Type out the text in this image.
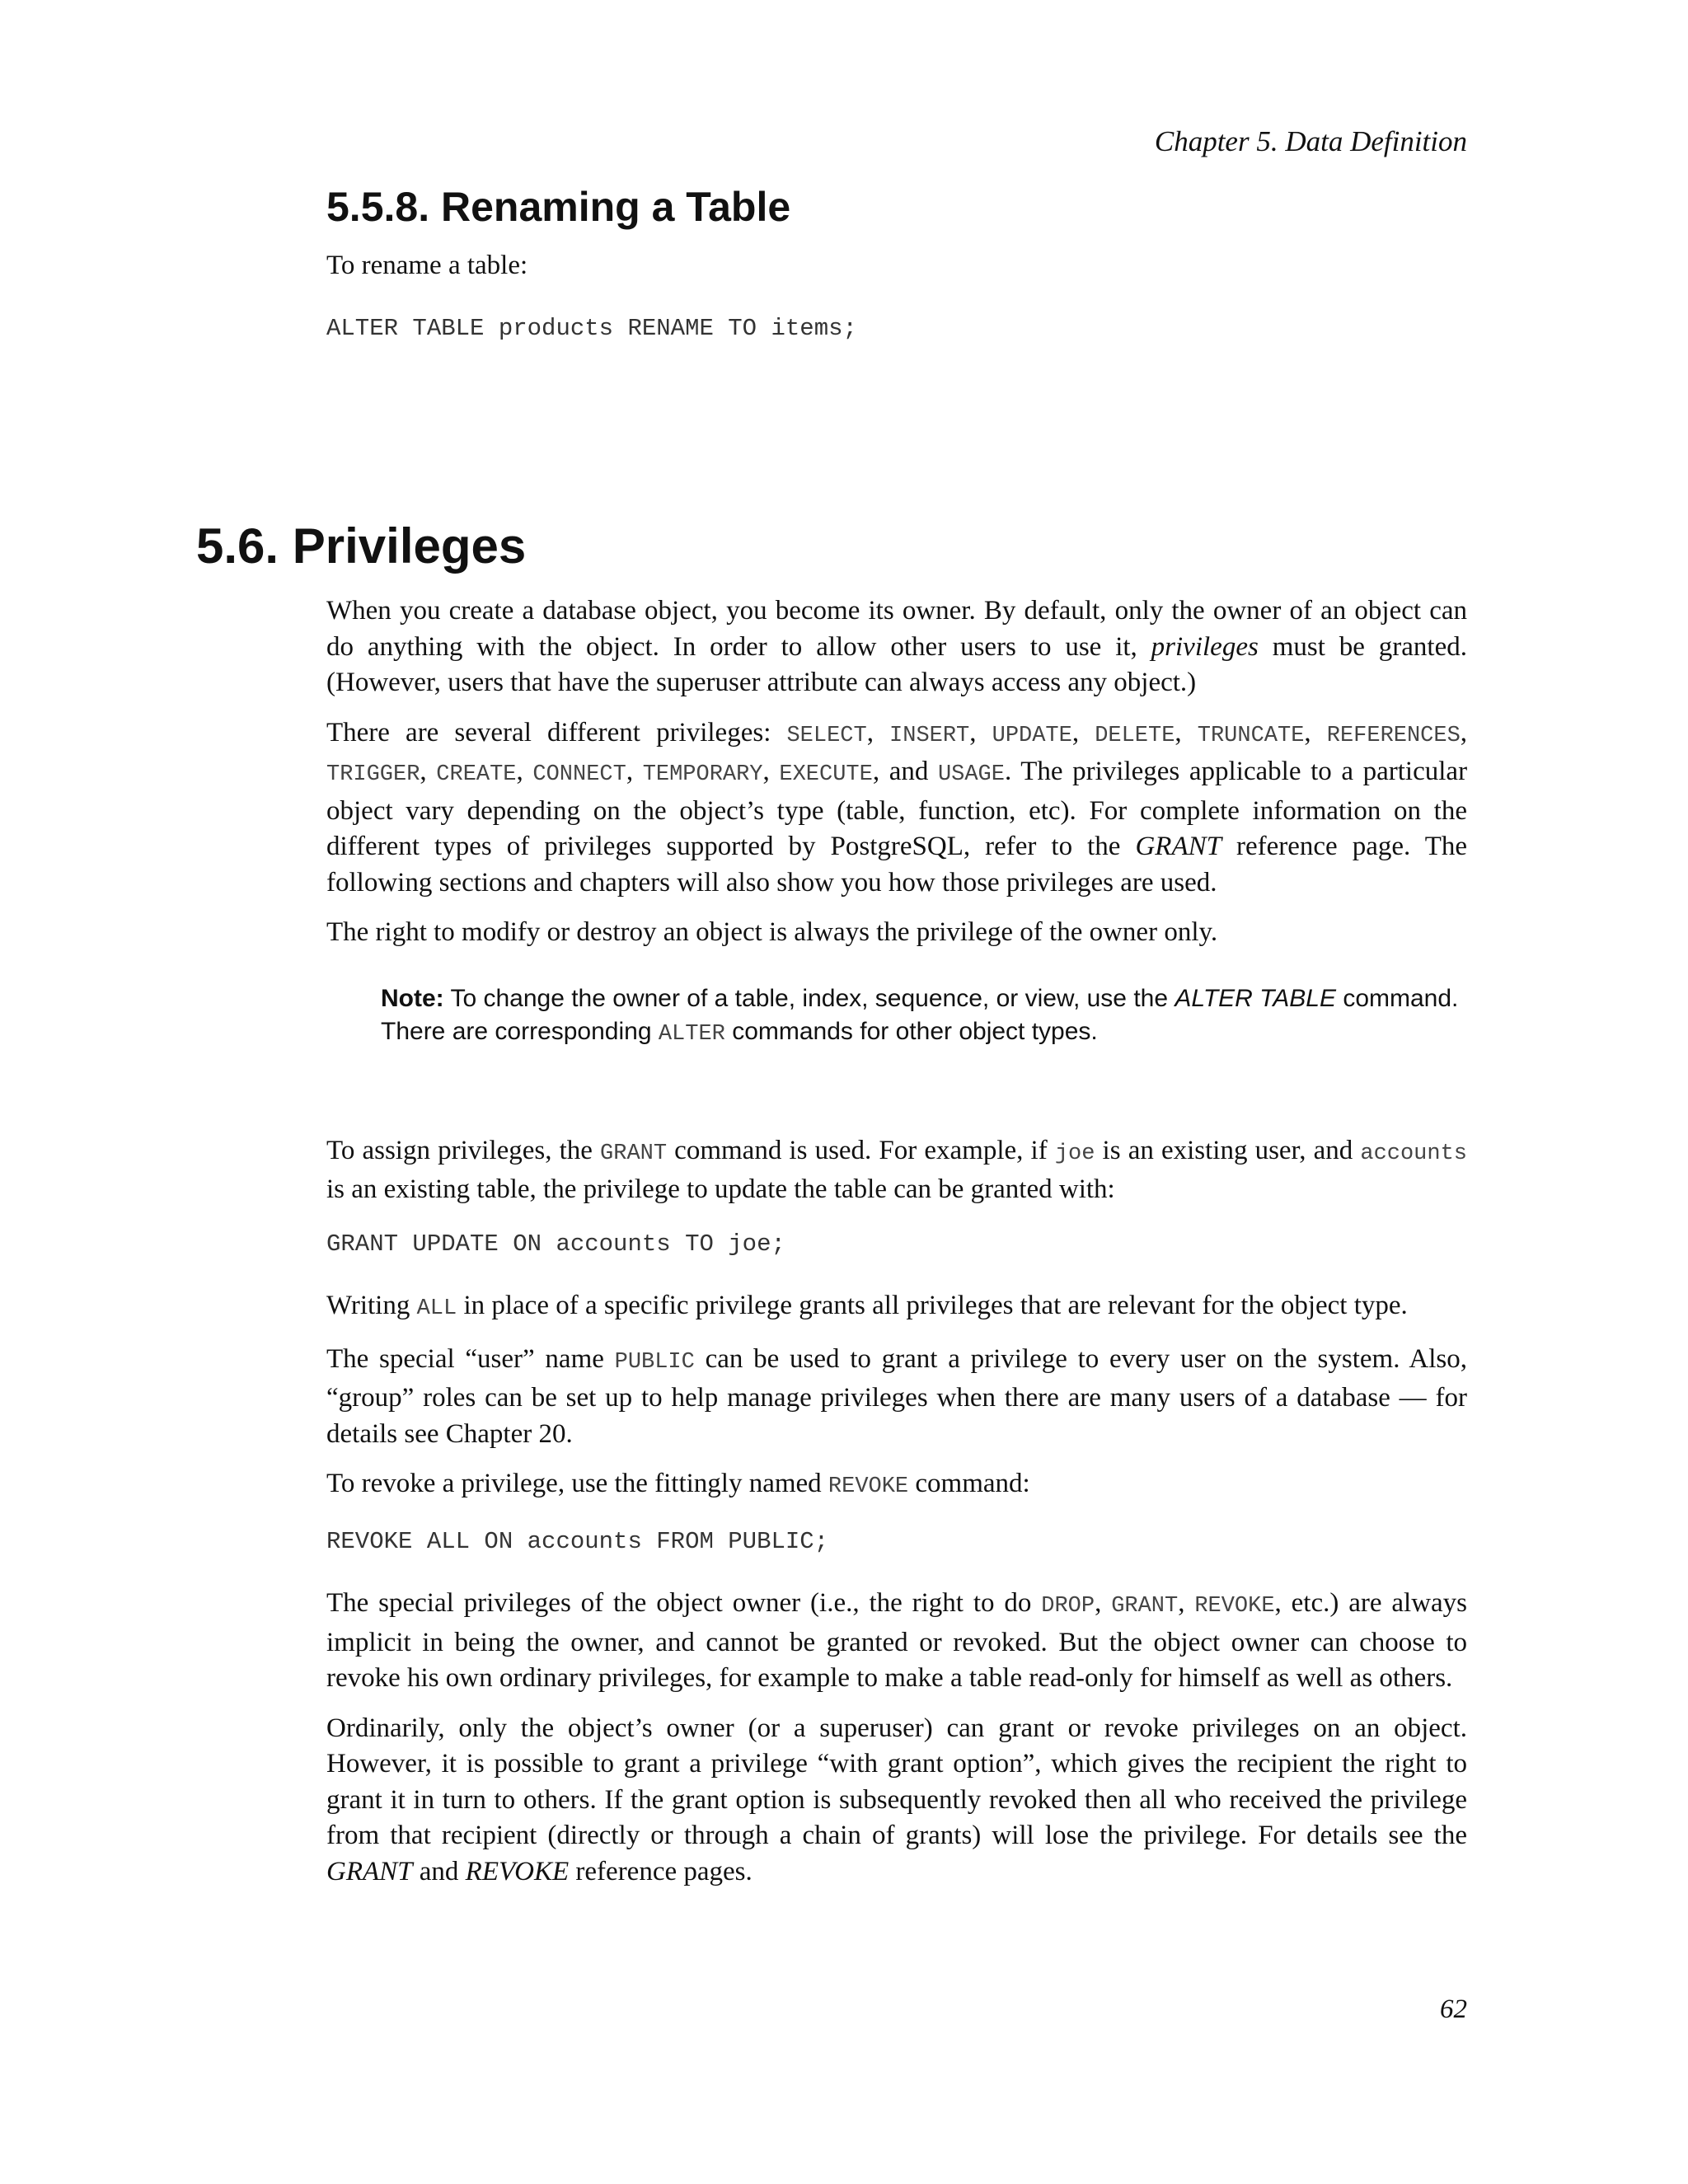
Chapter 5. Data Definition
5.5.8. Renaming a Table
To rename a table:
ALTER TABLE products RENAME TO items;
5.6. Privileges

When you create a database object, you become its owner. By default, only the owner of an object can do anything with the object. In order to allow other users to use it, privileges must be granted. (However, users that have the superuser attribute can always access any object.)

There are several different privileges: SELECT, INSERT, UPDATE, DELETE, TRUNCATE, REFERENCES, TRIGGER, CREATE, CONNECT, TEMPORARY, EXECUTE, and USAGE. The privileges applicable to a particular object vary depending on the object’s type (table, function, etc). For complete information on the different types of privileges supported by PostgreSQL, refer to the GRANT reference page. The following sections and chapters will also show you how those privileges are used.

The right to modify or destroy an object is always the privilege of the owner only.

Note: To change the owner of a table, index, sequence, or view, use the ALTER TABLE command. There are corresponding ALTER commands for other object types.

To assign privileges, the GRANT command is used. For example, if joe is an existing user, and accounts is an existing table, the privilege to update the table can be granted with:

GRANT UPDATE ON accounts TO joe;

Writing ALL in place of a specific privilege grants all privileges that are relevant for the object type.

The special “user” name PUBLIC can be used to grant a privilege to every user on the system. Also, “group” roles can be set up to help manage privileges when there are many users of a database — for details see Chapter 20.

To revoke a privilege, use the fittingly named REVOKE command:

REVOKE ALL ON accounts FROM PUBLIC;

The special privileges of the object owner (i.e., the right to do DROP, GRANT, REVOKE, etc.) are always implicit in being the owner, and cannot be granted or revoked. But the object owner can choose to revoke his own ordinary privileges, for example to make a table read-only for himself as well as others.

Ordinarily, only the object’s owner (or a superuser) can grant or revoke privileges on an object. However, it is possible to grant a privilege “with grant option”, which gives the recipient the right to grant it in turn to others. If the grant option is subsequently revoked then all who received the privilege from that recipient (directly or through a chain of grants) will lose the privilege. For details see the GRANT and REVOKE reference pages.

62
